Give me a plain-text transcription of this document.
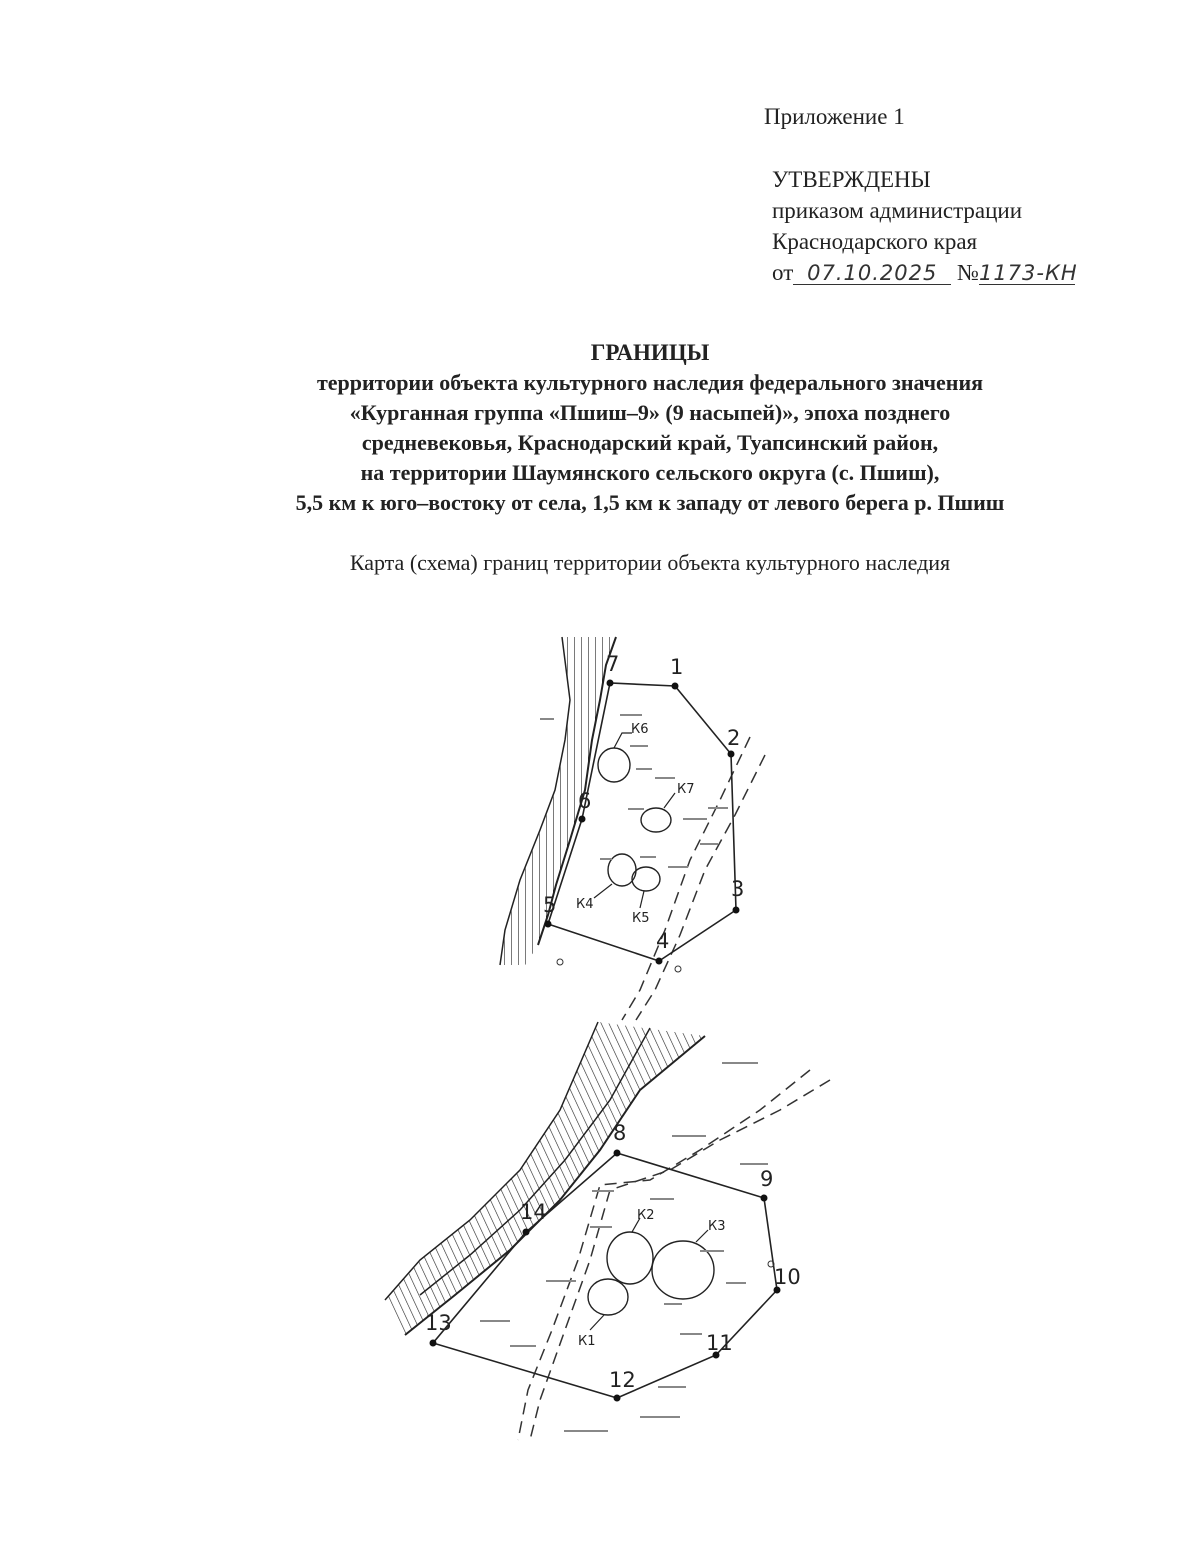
Приложение 1
УТВЕРЖДЕНЫ
приказом администрации
Краснодарского края
от 07.10.2025 №1173-КН
ГРАНИЦЫ
территории объекта культурного наследия федерального значения
«Курганная группа «Пшиш–9» (9 насыпей)», эпоха позднего
средневековья, Краснодарский край, Туапсинский район,
на территории Шаумянского сельского округа (с. Пшиш),
5,5 км к юго–востоку от села, 1,5 км к западу от левого берега р. Пшиш
Карта (схема) границ территории объекта культурного наследия
1
2
3
4
5
6
7
8
9
10
11
12
13
14
К6
К7
К4
К5
К2
К3
К1
